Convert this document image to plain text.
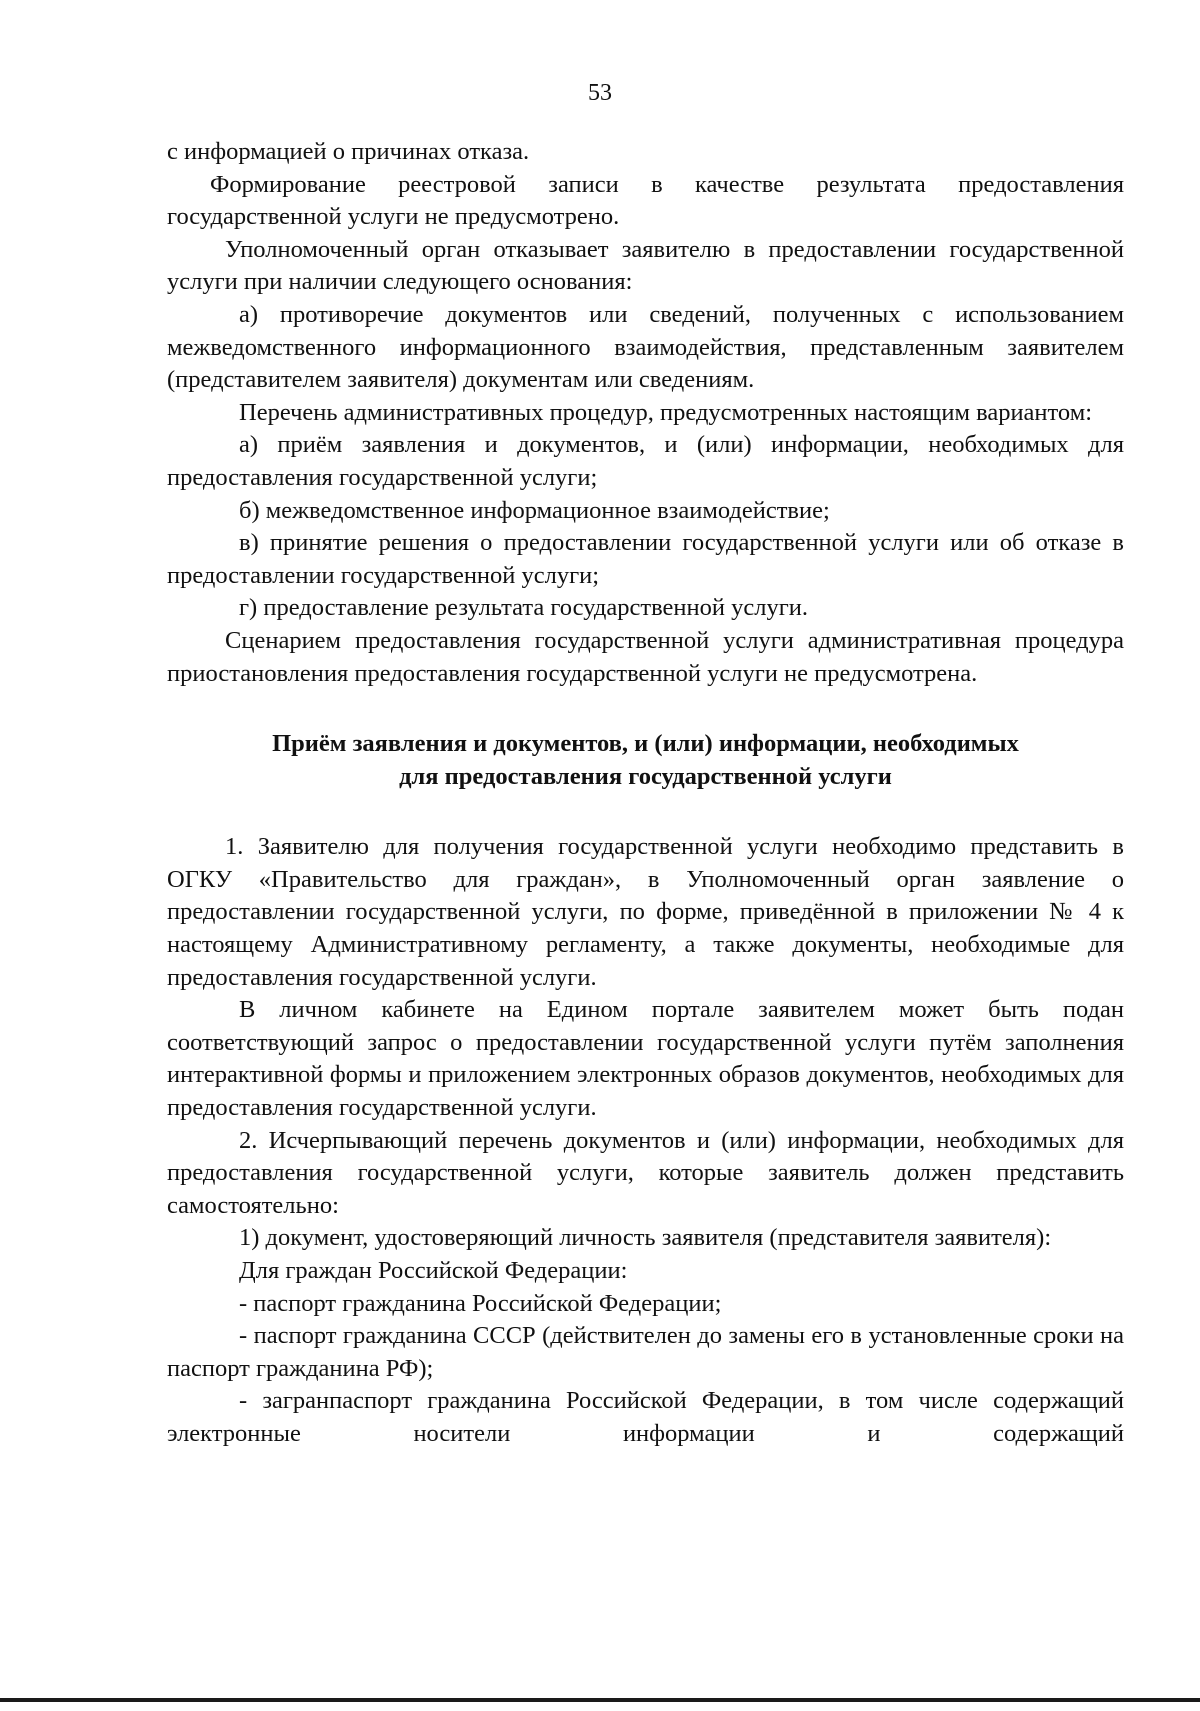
53

с информацией о причинах отказа.

Формирование реестровой записи в качестве результата предоставления государственной услуги не предусмотрено.

Уполномоченный орган отказывает заявителю в предоставлении государственной услуги при наличии следующего основания:

а) противоречие документов или сведений, полученных с использованием межведомственного информационного взаимодействия, представленным заявителем (представителем заявителя) документам или сведениям.

Перечень административных процедур, предусмотренных настоящим вариантом:

а) приём заявления и документов, и (или) информации, необходимых для предоставления государственной услуги;

б) межведомственное информационное взаимодействие;

в) принятие решения о предоставлении государственной услуги или об отказе в предоставлении государственной услуги;

г) предоставление результата государственной услуги.

Сценарием предоставления государственной услуги административная процедура приостановления предоставления государственной услуги не предусмотрена.

Приём заявления и документов, и (или) информации, необходимых
для предоставления государственной услуги

1. Заявителю для получения государственной услуги необходимо представить в ОГКУ «Правительство для граждан», в Уполномоченный орган заявление о предоставлении государственной услуги, по форме, приведённой в приложении № 4 к настоящему Административному регламенту, а также документы, необходимые для предоставления государственной услуги.

В личном кабинете на Едином портале заявителем может быть подан соответствующий запрос о предоставлении государственной услуги путём заполнения интерактивной формы и приложением электронных образов документов, необходимых для предоставления государственной услуги.

2. Исчерпывающий перечень документов и (или) информации, необходимых для предоставления государственной услуги, которые заявитель должен представить самостоятельно:

1) документ, удостоверяющий личность заявителя (представителя заявителя):

Для граждан Российской Федерации:

- паспорт гражданина Российской Федерации;

- паспорт гражданина СССР (действителен до замены его в установленные сроки на паспорт гражданина РФ);

- загранпаспорт гражданина Российской Федерации, в том числе содержащий электронные носители информации и содержащий
